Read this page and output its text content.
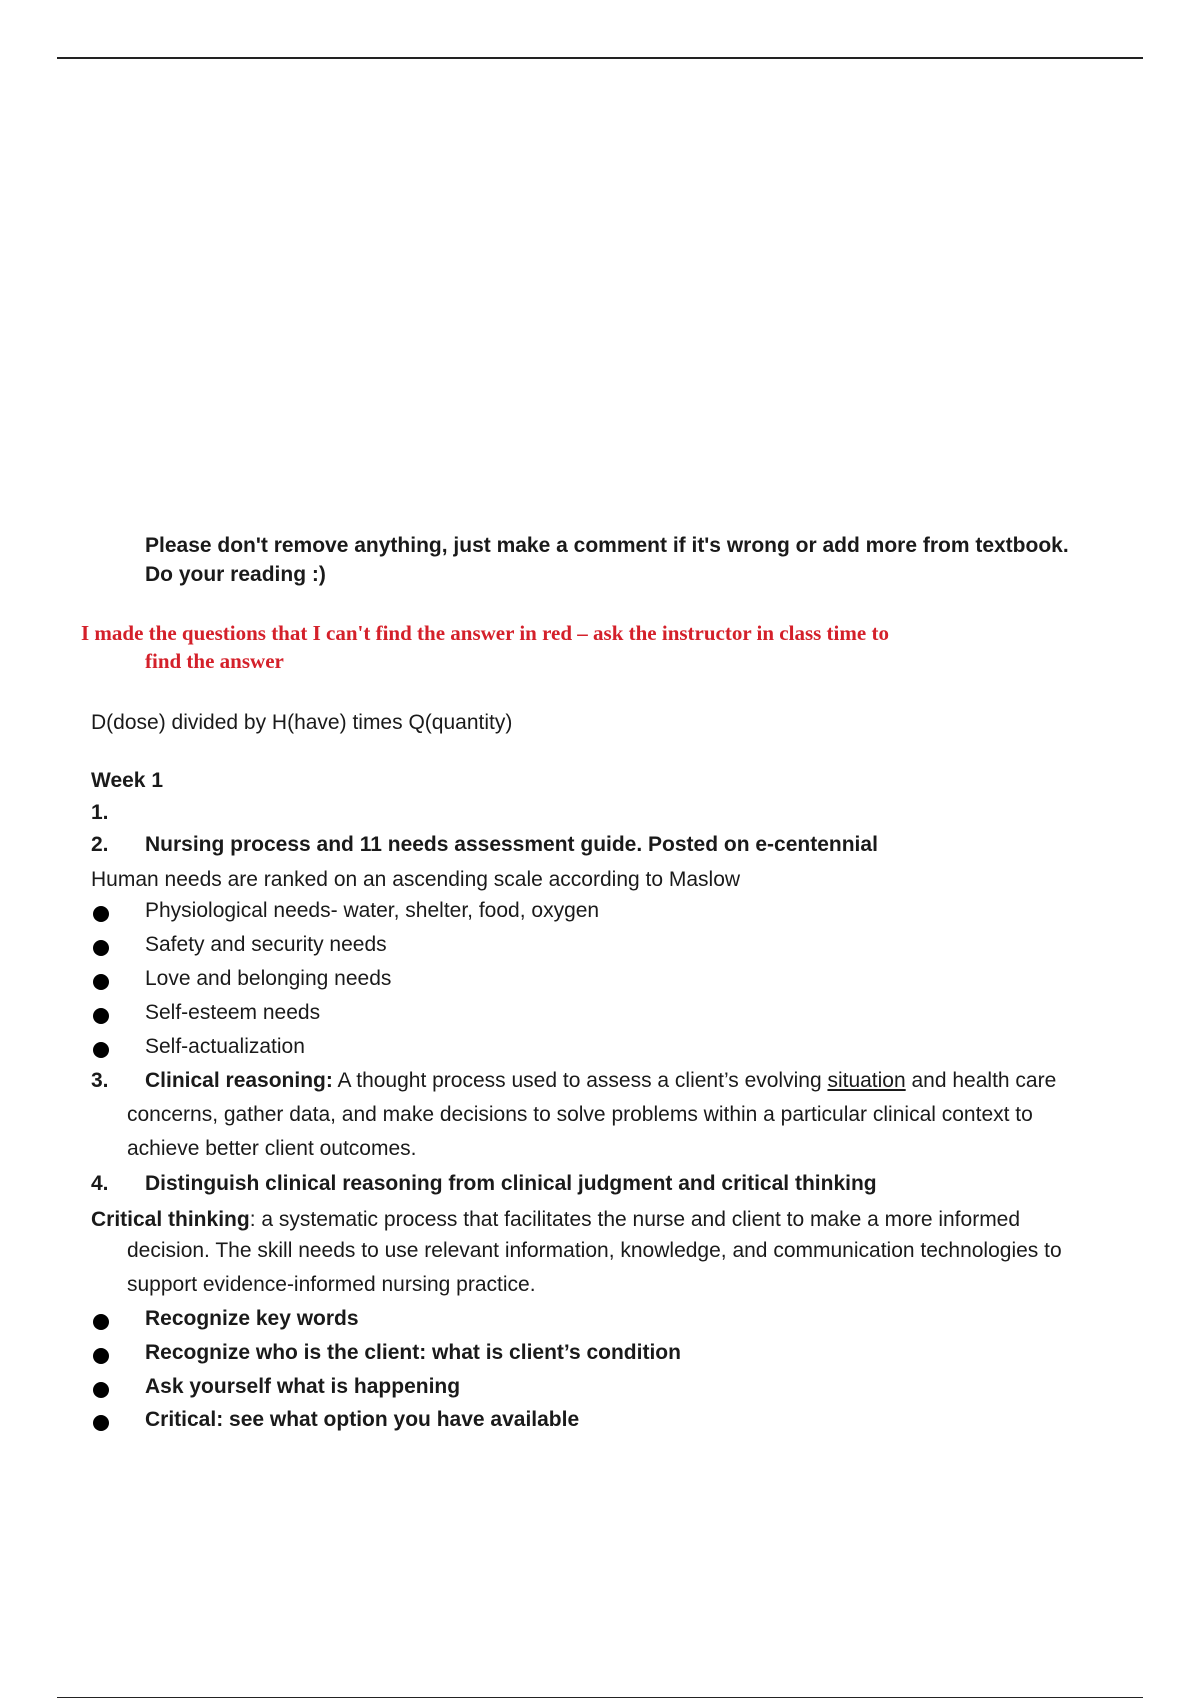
Please don't remove anything, just make a comment if it's wrong or add more from textbook.
Do your reading :)
I made the questions that I can't find the answer in red – ask the instructor in class time to
find the answer
D(dose) divided by H(have) times Q(quantity)
Week 1
1.
2. Nursing process and 11 needs assessment guide. Posted on e-centennial
Human needs are ranked on an ascending scale according to Maslow
Physiological needs- water, shelter, food, oxygen
Safety and security needs
Love and belonging needs
Self-esteem needs
Self-actualization
3. Clinical reasoning: A thought process used to assess a client’s evolving situation and health care
concerns, gather data, and make decisions to solve problems within a particular clinical context to
achieve better client outcomes.
4. Distinguish clinical reasoning from clinical judgment and critical thinking
Critical thinking: a systematic process that facilitates the nurse and client to make a more informed
decision. The skill needs to use relevant information, knowledge, and communication technologies to
support evidence-informed nursing practice.
Recognize key words
Recognize who is the client: what is client’s condition
Ask yourself what is happening
Critical: see what option you have available
